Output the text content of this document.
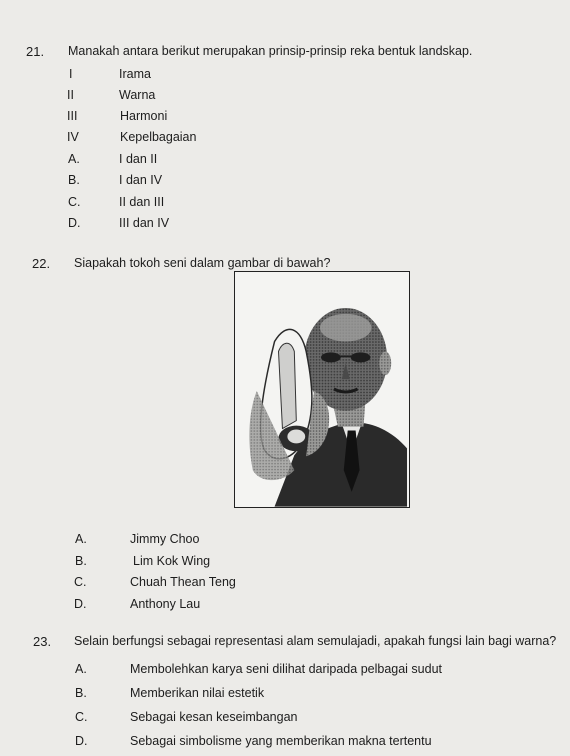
21. Manakah antara berikut merupakan prinsip-prinsip reka bentuk landskap.
I	Irama
II	Warna
III	Harmoni
IV	Kepelbagaian
A.	I dan II
B.	I dan IV
C.	II dan III
D.	III dan IV
22. Siapakah tokoh seni dalam gambar di bawah?
A.	Jimmy Choo
B.	Lim Kok Wing
C.	Chuah Thean Teng
D.	Anthony Lau
23. Selain berfungsi sebagai representasi alam semulajadi, apakah fungsi lain bagi warna?
A.	Membolehkan karya seni dilihat daripada pelbagai sudut
B.	Memberikan nilai estetik
C.	Sebagai kesan keseimbangan
D.	Sebagai simbolisme yang memberikan makna tertentu
